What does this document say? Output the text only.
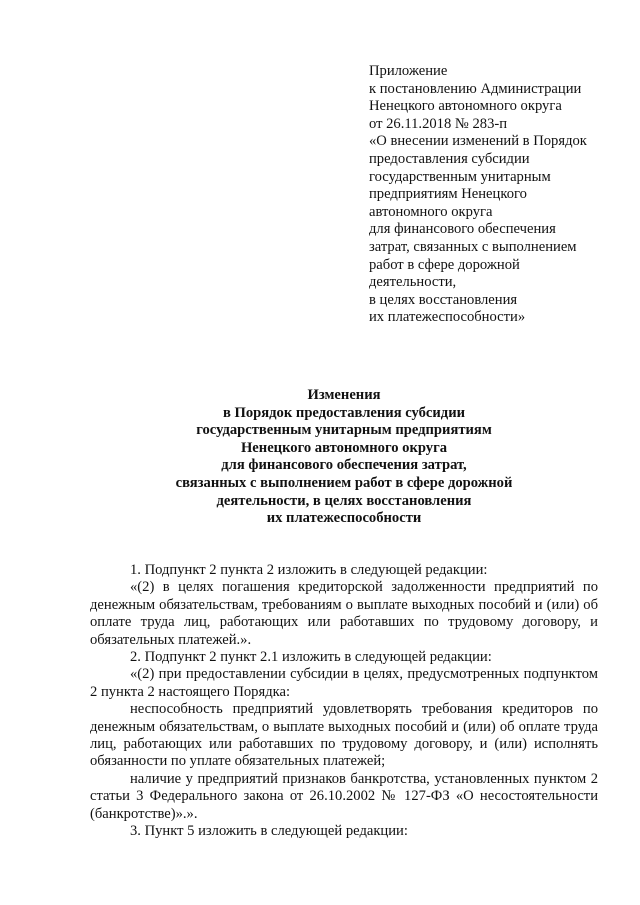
Приложение
к постановлению Администрации
Ненецкого автономного округа
от 26.11.2018 № 283-п
«О внесении изменений в Порядок
предоставления субсидии
государственным унитарным
предприятиям Ненецкого
автономного округа
для финансового обеспечения
затрат, связанных с выполнением
работ в сфере дорожной
деятельности,
в целях восстановления
их платежеспособности»
Изменения
в Порядок предоставления субсидии
государственным унитарным предприятиям
Ненецкого автономного округа
для финансового обеспечения затрат,
связанных с выполнением работ в сфере дорожной
деятельности, в целях восстановления
их платежеспособности

1. Подпункт 2 пункта 2 изложить в следующей редакции:

«(2) в целях погашения кредиторской задолженности предприятий по денежным обязательствам, требованиям о выплате выходных пособий и (или) об оплате труда лиц, работающих или работавших по трудовому договору, и обязательных платежей.».

2. Подпункт 2 пункт 2.1 изложить в следующей редакции:

«(2) при предоставлении субсидии в целях, предусмотренных подпунктом 2 пункта 2 настоящего Порядка:

неспособность предприятий удовлетворять требования кредиторов по денежным обязательствам, о выплате выходных пособий и (или) об оплате труда лиц, работающих или работавших по трудовому договору, и (или) исполнять обязанности по уплате обязательных платежей;

наличие у предприятий признаков банкротства, установленных пунктом 2 статьи 3 Федерального закона от 26.10.2002 № 127-ФЗ «О несостоятельности (банкротстве)».».

3. Пункт 5 изложить в следующей редакции:
